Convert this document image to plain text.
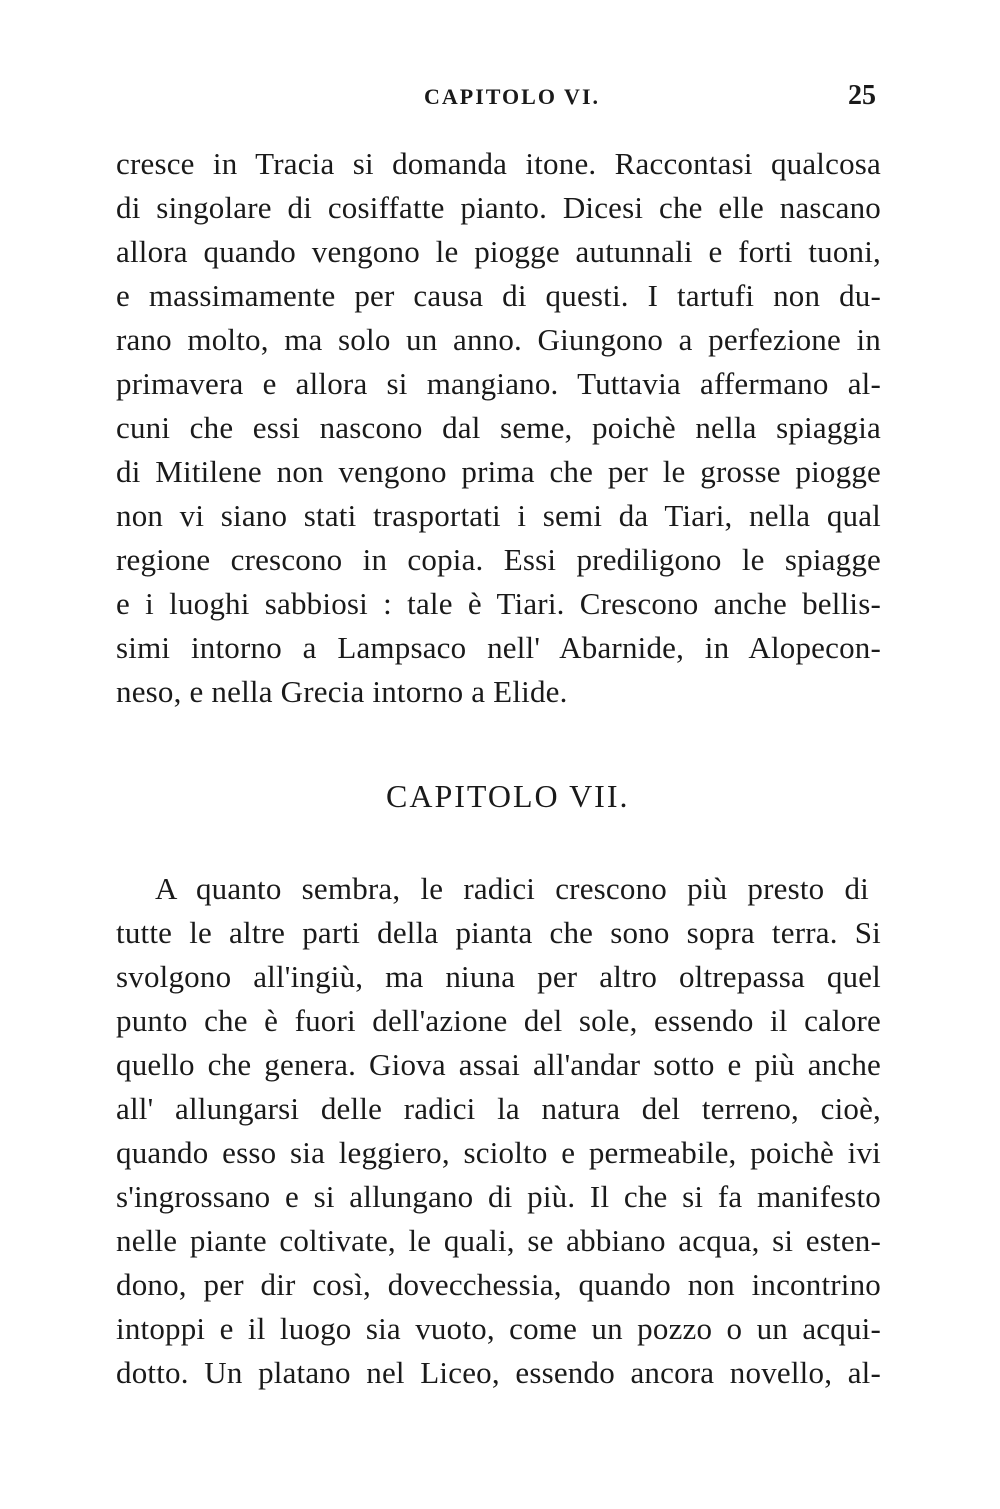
CAPITOLO VI.	25
cresce in Tracia si domanda itone. Raccontasi qualcosa
di singolare di cosiffatte pianto. Dicesi che elle nascano
allora quando vengono le piogge autunnali e forti tuoni,
e massimamente per causa di questi. I tartufi non du-
rano molto, ma solo un anno. Giungono a perfezione in
primavera e allora si mangiano. Tuttavia affermano al-
cuni che essi nascono dal seme, poichè nella spiaggia
di Mitilene non vengono prima che per le grosse piogge
non vi siano stati trasportati i semi da Tiari, nella qual
regione crescono in copia. Essi prediligono le spiagge
e i luoghi sabbiosi : tale è Tiari. Crescono anche bellis-
simi intorno a Lampsaco nell' Abarnide, in Alopecon-
neso, e nella Grecia intorno a Elide.
CAPITOLO VII.
A quanto sembra, le radici crescono più presto di
tutte le altre parti della pianta che sono sopra terra. Si
svolgono all'ingiù, ma niuna per altro oltrepassa quel
punto che è fuori dell'azione del sole, essendo il calore
quello che genera. Giova assai all'andar sotto e più anche
all' allungarsi delle radici la natura del terreno, cioè,
quando esso sia leggiero, sciolto e permeabile, poichè ivi
s'ingrossano e si allungano di più. Il che si fa manifesto
nelle piante coltivate, le quali, se abbiano acqua, si esten-
dono, per dir così, dovecchessia, quando non incontrino
intoppi e il luogo sia vuoto, come un pozzo o un acqui-
dotto. Un platano nel Liceo, essendo ancora novello, al-
